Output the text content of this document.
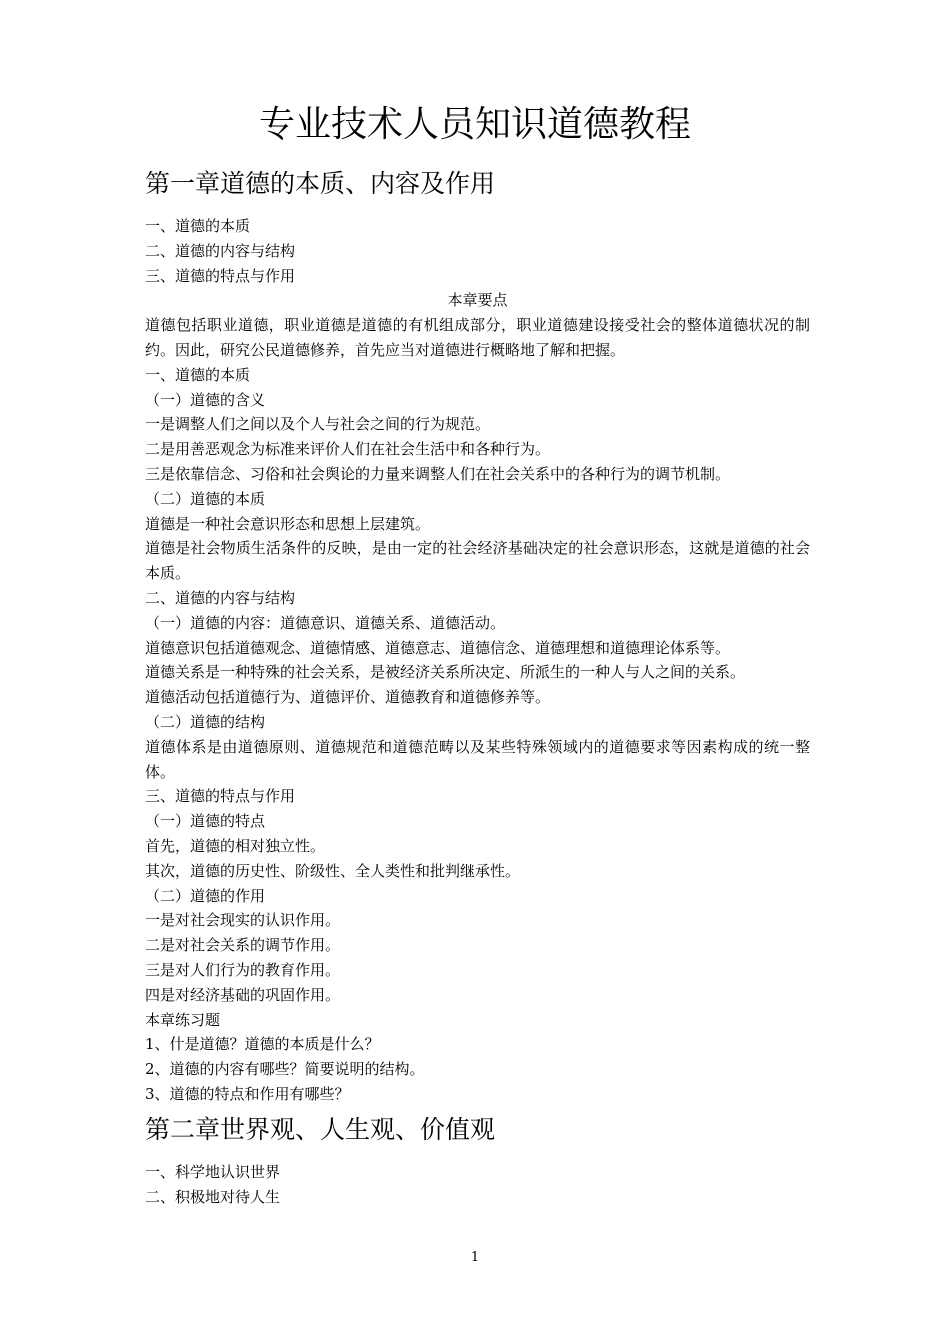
专业技术人员知识道德教程
第一章道德的本质、内容及作用
一、道德的本质
二、道德的内容与结构
三、道德的特点与作用
本章要点
道德包括职业道德，职业道德是道德的有机组成部分，职业道德建设接受社会的整体道德状况的制约。因此，研究公民道德修养，首先应当对道德进行概略地了解和把握。
一、道德的本质
（一）道德的含义
一是调整人们之间以及个人与社会之间的行为规范。
二是用善恶观念为标准来评价人们在社会生活中和各种行为。
三是依靠信念、习俗和社会舆论的力量来调整人们在社会关系中的各种行为的调节机制。
（二）道德的本质
道德是一种社会意识形态和思想上层建筑。
道德是社会物质生活条件的反映，是由一定的社会经济基础决定的社会意识形态，这就是道德的社会本质。
二、道德的内容与结构
（一）道德的内容：道德意识、道德关系、道德活动。
道德意识包括道德观念、道德情感、道德意志、道德信念、道德理想和道德理论体系等。
道德关系是一种特殊的社会关系，是被经济关系所决定、所派生的一种人与人之间的关系。
道德活动包括道德行为、道德评价、道德教育和道德修养等。
（二）道德的结构
道德体系是由道德原则、道德规范和道德范畴以及某些特殊领域内的道德要求等因素构成的统一整体。
三、道德的特点与作用
（一）道德的特点
首先，道德的相对独立性。
其次，道德的历史性、阶级性、全人类性和批判继承性。
（二）道德的作用
一是对社会现实的认识作用。
二是对社会关系的调节作用。
三是对人们行为的教育作用。
四是对经济基础的巩固作用。
本章练习题
1、什是道德？道德的本质是什么？
2、道德的内容有哪些？简要说明的结构。
3、道德的特点和作用有哪些？
第二章世界观、人生观、价值观
一、科学地认识世界
二、积极地对待人生
1
